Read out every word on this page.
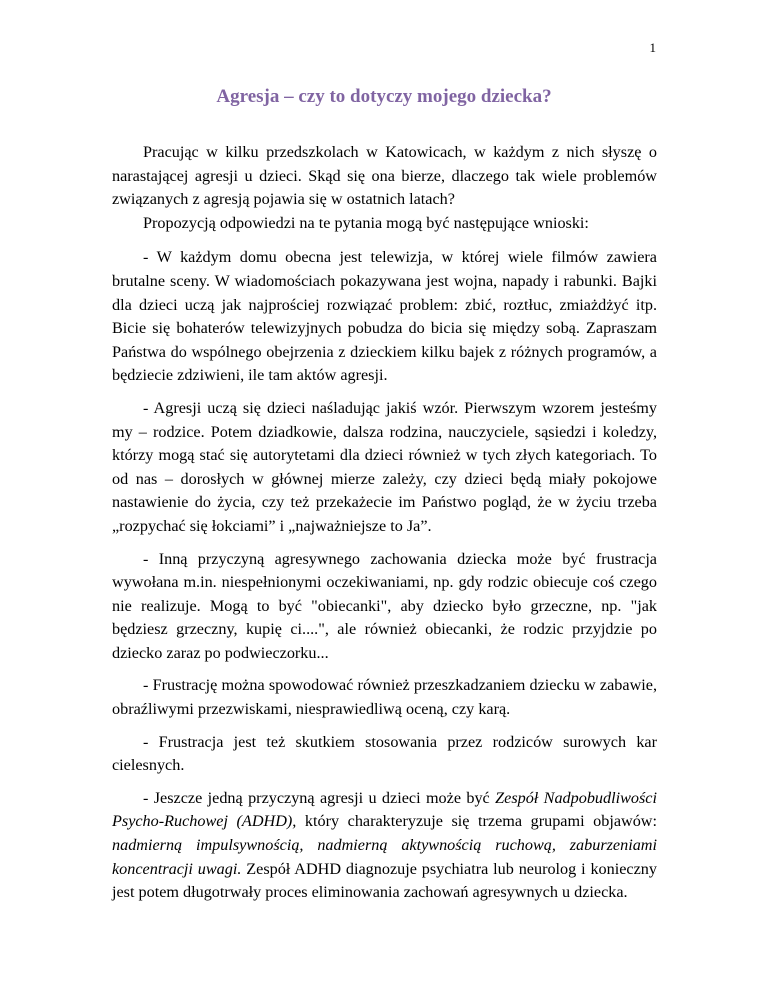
1
Agresja – czy to dotyczy mojego dziecka?

Pracując w kilku przedszkolach w Katowicach, w każdym z nich słyszę o narastającej agresji u dzieci. Skąd się ona bierze, dlaczego tak wiele problemów związanych z agresją pojawia się w ostatnich latach?

Propozycją odpowiedzi na te pytania mogą być następujące wnioski:

- W każdym domu obecna jest telewizja, w której wiele filmów zawiera brutalne sceny. W wiadomościach pokazywana jest wojna, napady i rabunki. Bajki dla dzieci uczą jak najprościej rozwiązać problem: zbić, roztłuc, zmiażdżyć itp. Bicie się bohaterów telewizyjnych pobudza do bicia się między sobą. Zapraszam Państwa do wspólnego obejrzenia z dzieckiem kilku bajek z różnych programów, a będziecie zdziwieni, ile tam aktów agresji.

- Agresji uczą się dzieci naśladując jakiś wzór. Pierwszym wzorem jesteśmy my – rodzice. Potem dziadkowie, dalsza rodzina, nauczyciele, sąsiedzi i koledzy, którzy mogą stać się autorytetami dla dzieci również w tych złych kategoriach. To od nas – dorosłych w głównej mierze zależy, czy dzieci będą miały pokojowe nastawienie do życia, czy też przekażecie im Państwo pogląd, że w życiu trzeba „rozpychać się łokciami” i „najważniejsze to Ja”.

- Inną przyczyną agresywnego zachowania dziecka może być frustracja wywołana m.in. niespełnionymi oczekiwaniami, np. gdy rodzic obiecuje coś czego nie realizuje. Mogą to być "obiecanki", aby dziecko było grzeczne, np. "jak będziesz grzeczny, kupię ci....", ale również obiecanki, że rodzic przyjdzie po dziecko zaraz po podwieczorku...

- Frustrację można spowodować również przeszkadzaniem dziecku w zabawie, obraźliwymi przezwiskami, niesprawiedliwą oceną, czy karą.

- Frustracja jest też skutkiem stosowania przez rodziców surowych kar cielesnych.

- Jeszcze jedną przyczyną agresji u dzieci może być Zespół Nadpobudliwości Psycho-Ruchowej (ADHD), który charakteryzuje się trzema grupami objawów: nadmierną impulsywnością, nadmierną aktywnością ruchową, zaburzeniami koncentracji uwagi. Zespół ADHD diagnozuje psychiatra lub neurolog i konieczny jest potem długotrwały proces eliminowania zachowań agresywnych u dziecka.
